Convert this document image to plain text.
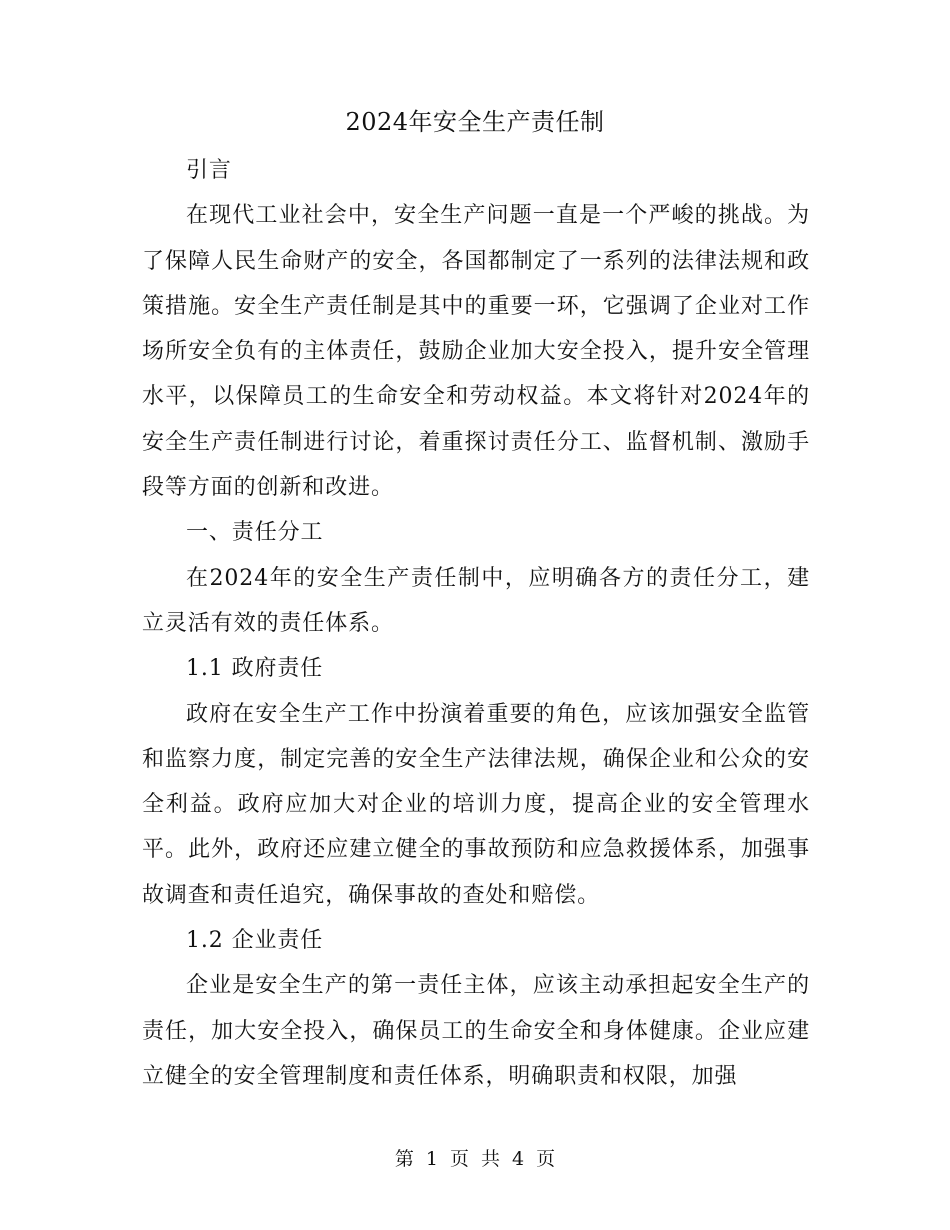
2024年安全生产责任制

引言

在现代工业社会中，安全生产问题一直是一个严峻的挑战。为了保障人民生命财产的安全，各国都制定了一系列的法律法规和政策措施。安全生产责任制是其中的重要一环，它强调了企业对工作场所安全负有的主体责任，鼓励企业加大安全投入，提升安全管理水平，以保障员工的生命安全和劳动权益。本文将针对2024年的安全生产责任制进行讨论，着重探讨责任分工、监督机制、激励手段等方面的创新和改进。

一、责任分工

在2024年的安全生产责任制中，应明确各方的责任分工，建立灵活有效的责任体系。

1.1 政府责任

政府在安全生产工作中扮演着重要的角色，应该加强安全监管和监察力度，制定完善的安全生产法律法规，确保企业和公众的安全利益。政府应加大对企业的培训力度，提高企业的安全管理水平。此外，政府还应建立健全的事故预防和应急救援体系，加强事故调查和责任追究，确保事故的查处和赔偿。

1.2 企业责任

企业是安全生产的第一责任主体，应该主动承担起安全生产的责任，加大安全投入，确保员工的生命安全和身体健康。企业应建立健全的安全管理制度和责任体系，明确职责和权限，加强

第 1 页 共 4 页
